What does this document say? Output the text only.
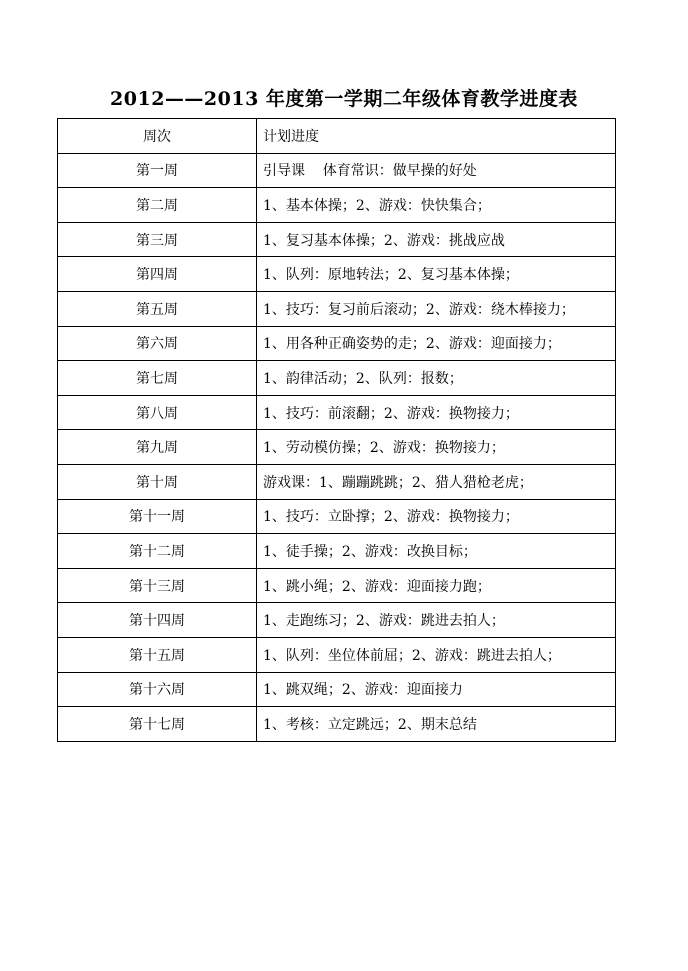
2012——2013 年度第一学期二年级体育教学进度表
周次	计划进度
第一周	引导课    体育常识：做早操的好处
第二周	1、基本体操；2、游戏：快快集合；
第三周	1、复习基本体操；2、游戏：挑战应战
第四周	1、队列：原地转法；2、复习基本体操；
第五周	1、技巧：复习前后滚动；2、游戏：绕木棒接力；
第六周	1、用各种正确姿势的走；2、游戏：迎面接力；
第七周	1、韵律活动；2、队列：报数；
第八周	1、技巧：前滚翻；2、游戏：换物接力；
第九周	1、劳动模仿操；2、游戏：换物接力；
第十周	游戏课：1、蹦蹦跳跳；2、猎人猎枪老虎；
第十一周	1、技巧：立卧撑；2、游戏：换物接力；
第十二周	1、徒手操；2、游戏：改换目标；
第十三周	1、跳小绳；2、游戏：迎面接力跑；
第十四周	1、走跑练习；2、游戏：跳进去拍人；
第十五周	1、队列：坐位体前屈；2、游戏：跳进去拍人；
第十六周	1、跳双绳；2、游戏：迎面接力
第十七周	1、考核：立定跳远；2、期末总结
